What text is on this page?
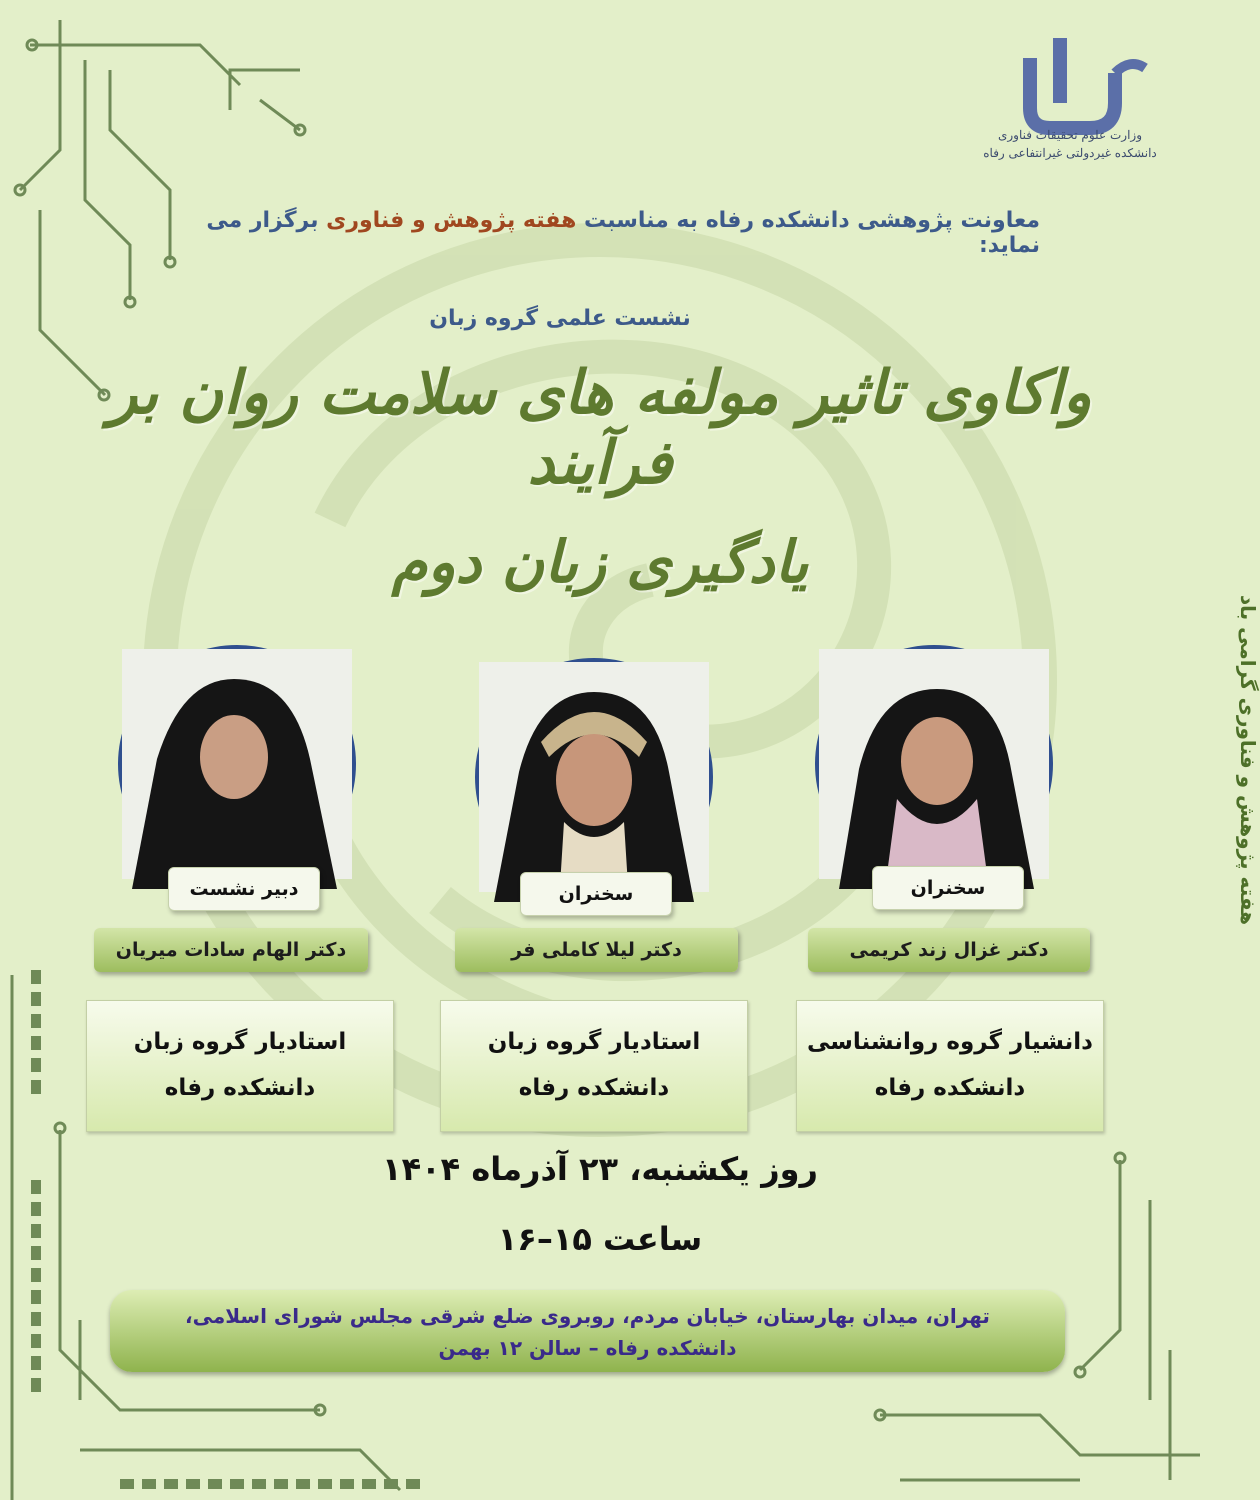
وزارت علوم تحقیقات فناوری
دانشکده غیردولتی غیرانتفاعی رفاه
معاونت پژوهشی دانشکده رفاه به مناسبت هفته پژوهش و فناوری برگزار می نماید:
نشست علمی گروه زبان
واکاوی تاثیر مولفه های سلامت روان بر فرآیند
یادگیری زبان دوم
سخنران
سخنران
دبیر نشست
دکتر غزال زند کریمی
دکتر لیلا کاملی فر
دکتر الهام سادات میریان
دانشیار گروه روانشناسی
دانشکده رفاه
استادیار گروه زبان
دانشکده رفاه
استادیار گروه زبان
دانشکده رفاه
روز یکشنبه، ۲۳ آذرماه ۱۴۰۴
ساعت ۱۵–۱۶
تهران، میدان بهارستان، خیابان مردم، روبروی ضلع شرقی مجلس شورای اسلامی،
دانشکده رفاه – سالن ۱۲ بهمن
هفته پژوهش و فناوری گرامی باد
